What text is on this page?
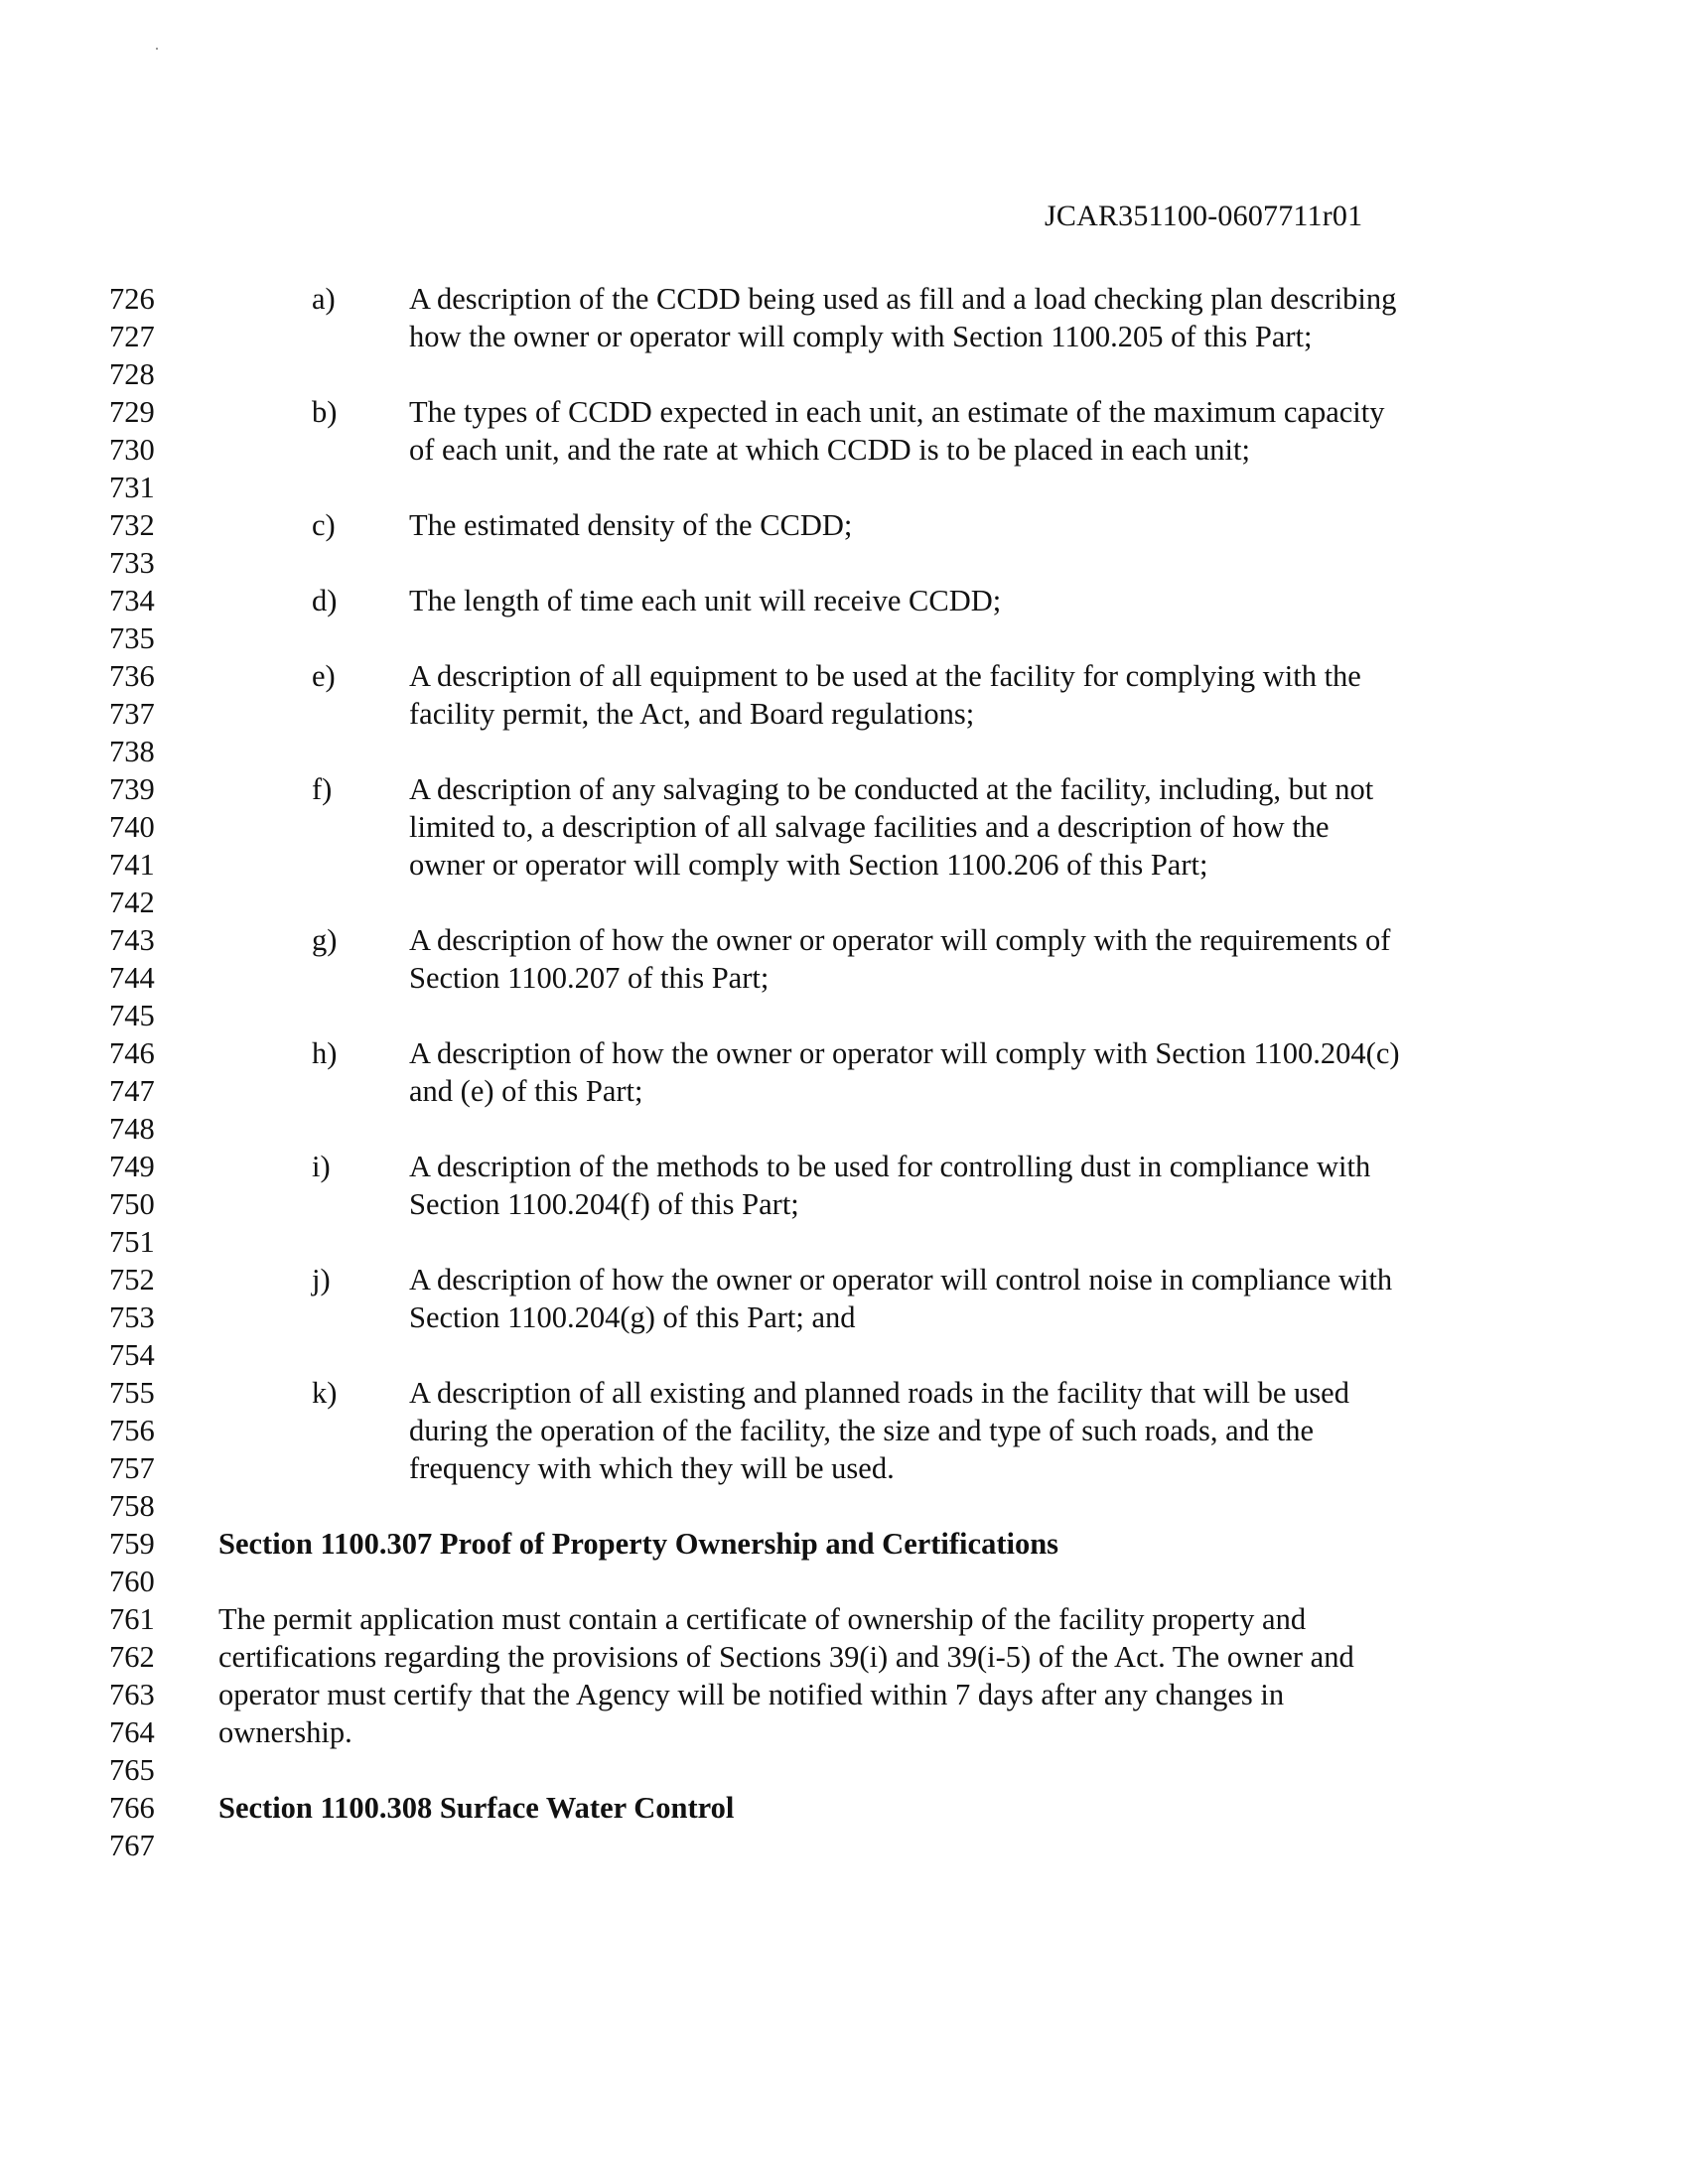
JCAR351100-0607711r01
726	a) A description of the CCDD being used as fill and a load checking plan describing
727	how the owner or operator will comply with Section 1100.205 of this Part;
728
729	b) The types of CCDD expected in each unit, an estimate of the maximum capacity
730	of each unit, and the rate at which CCDD is to be placed in each unit;
731
732	c) The estimated density of the CCDD;
733
734	d) The length of time each unit will receive CCDD;
735
736	e) A description of all equipment to be used at the facility for complying with the
737	facility permit, the Act, and Board regulations;
738
739	f)	A description of any salvaging to be conducted at the facility, including, but not
740	limited to, a description of all salvage facilities and a description of how the
741	owner or operator will comply with Section 1100.206 of this Part;
742
743	g) A description of how the owner or operator will comply with the requirements of
744	Section 1100.207 of this Part;
745
746	h) A description of how the owner or operator will comply with Section 1100.204(c)
747	and (e) of this Part;
748
749	i)	A description of the methods to be used for controlling dust in compliance with
750	Section 1100.204(f) of this Part;
751
752	j)	A description of how the owner or operator will control noise in compliance with
753	Section 1100.204(g) of this Part; and
754
755	k) A description of all existing and planned roads in the facility that will be used
756	during the operation of the facility, the size and type of such roads, and the
757	frequency with which they will be used.
758
759	Section 1100.307 Proof of Property Ownership and Certifications
760
761	The permit application must contain a certificate of ownership of the facility property and
762	certifications regarding the provisions of Sections 39(i) and 39(i-5) of the Act. The owner and
763	operator must certify that the Agency will be notified within 7 days after any changes in
764	ownership.
765
766	Section 1100.308 Surface Water Control
767
